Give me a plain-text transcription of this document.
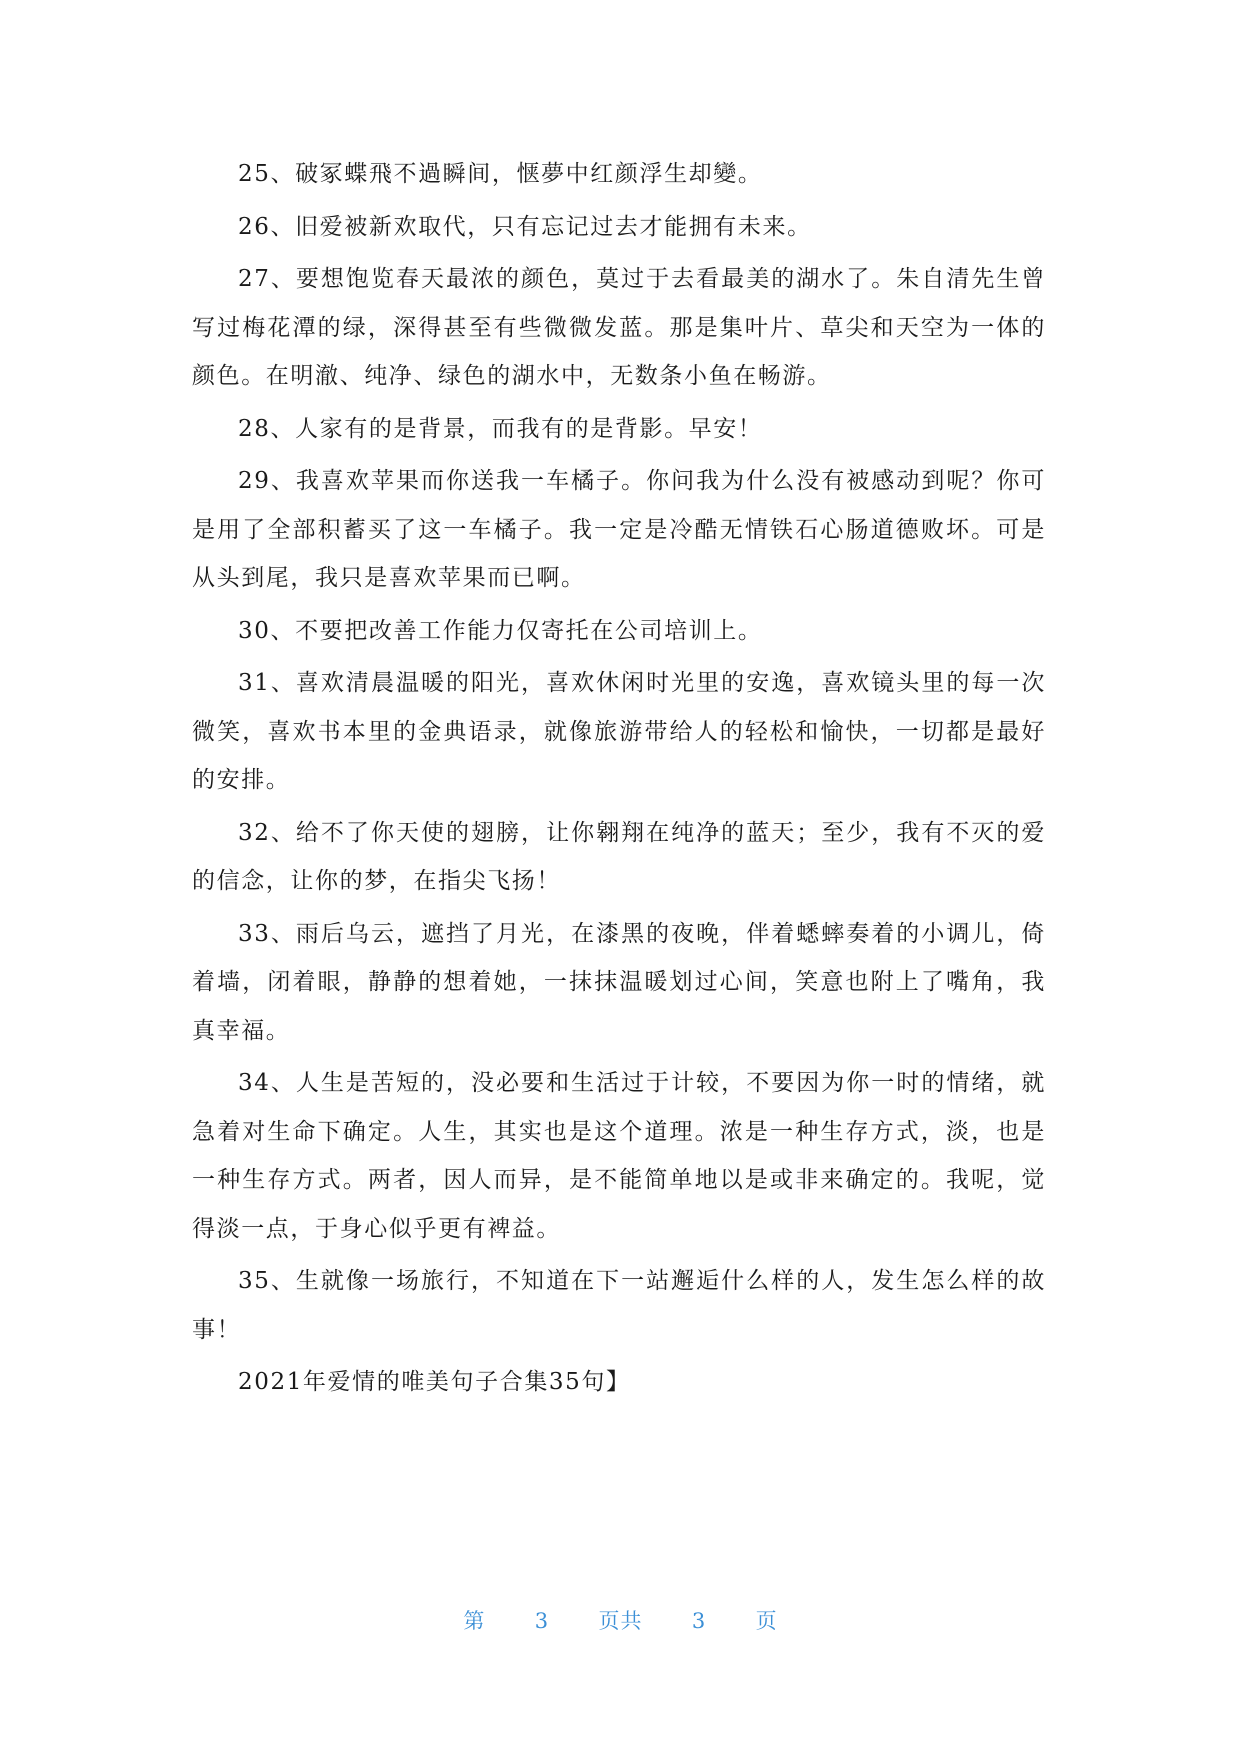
25、破冢蝶飛不過瞬间，惬夢中红颜浮生却變。

26、旧爱被新欢取代，只有忘记过去才能拥有未来。

27、要想饱览春天最浓的颜色，莫过于去看最美的湖水了。朱自清先生曾写过梅花潭的绿，深得甚至有些微微发蓝。那是集叶片、草尖和天空为一体的颜色。在明澈、纯净、绿色的湖水中，无数条小鱼在畅游。

28、人家有的是背景，而我有的是背影。早安！

29、我喜欢苹果而你送我一车橘子。你问我为什么没有被感动到呢？你可是用了全部积蓄买了这一车橘子。我一定是冷酷无情铁石心肠道德败坏。可是从头到尾，我只是喜欢苹果而已啊。

30、不要把改善工作能力仅寄托在公司培训上。

31、喜欢清晨温暖的阳光，喜欢休闲时光里的安逸，喜欢镜头里的每一次微笑，喜欢书本里的金典语录，就像旅游带给人的轻松和愉快，一切都是最好的安排。

32、给不了你天使的翅膀，让你翱翔在纯净的蓝天；至少，我有不灭的爱的信念，让你的梦，在指尖飞扬！

33、雨后乌云，遮挡了月光，在漆黑的夜晚，伴着蟋蟀奏着的小调儿，倚着墙，闭着眼，静静的想着她，一抹抹温暖划过心间，笑意也附上了嘴角，我真幸福。

34、人生是苦短的，没必要和生活过于计较，不要因为你一时的情绪，就急着对生命下确定。人生，其实也是这个道理。浓是一种生存方式，淡，也是一种生存方式。两者，因人而异，是不能简单地以是或非来确定的。我呢，觉得淡一点，于身心似乎更有裨益。

35、生就像一场旅行，不知道在下一站邂逅什么样的人，发生怎么样的故事！

2021年爱情的唯美句子合集35句】

第 3 页共 3 页
